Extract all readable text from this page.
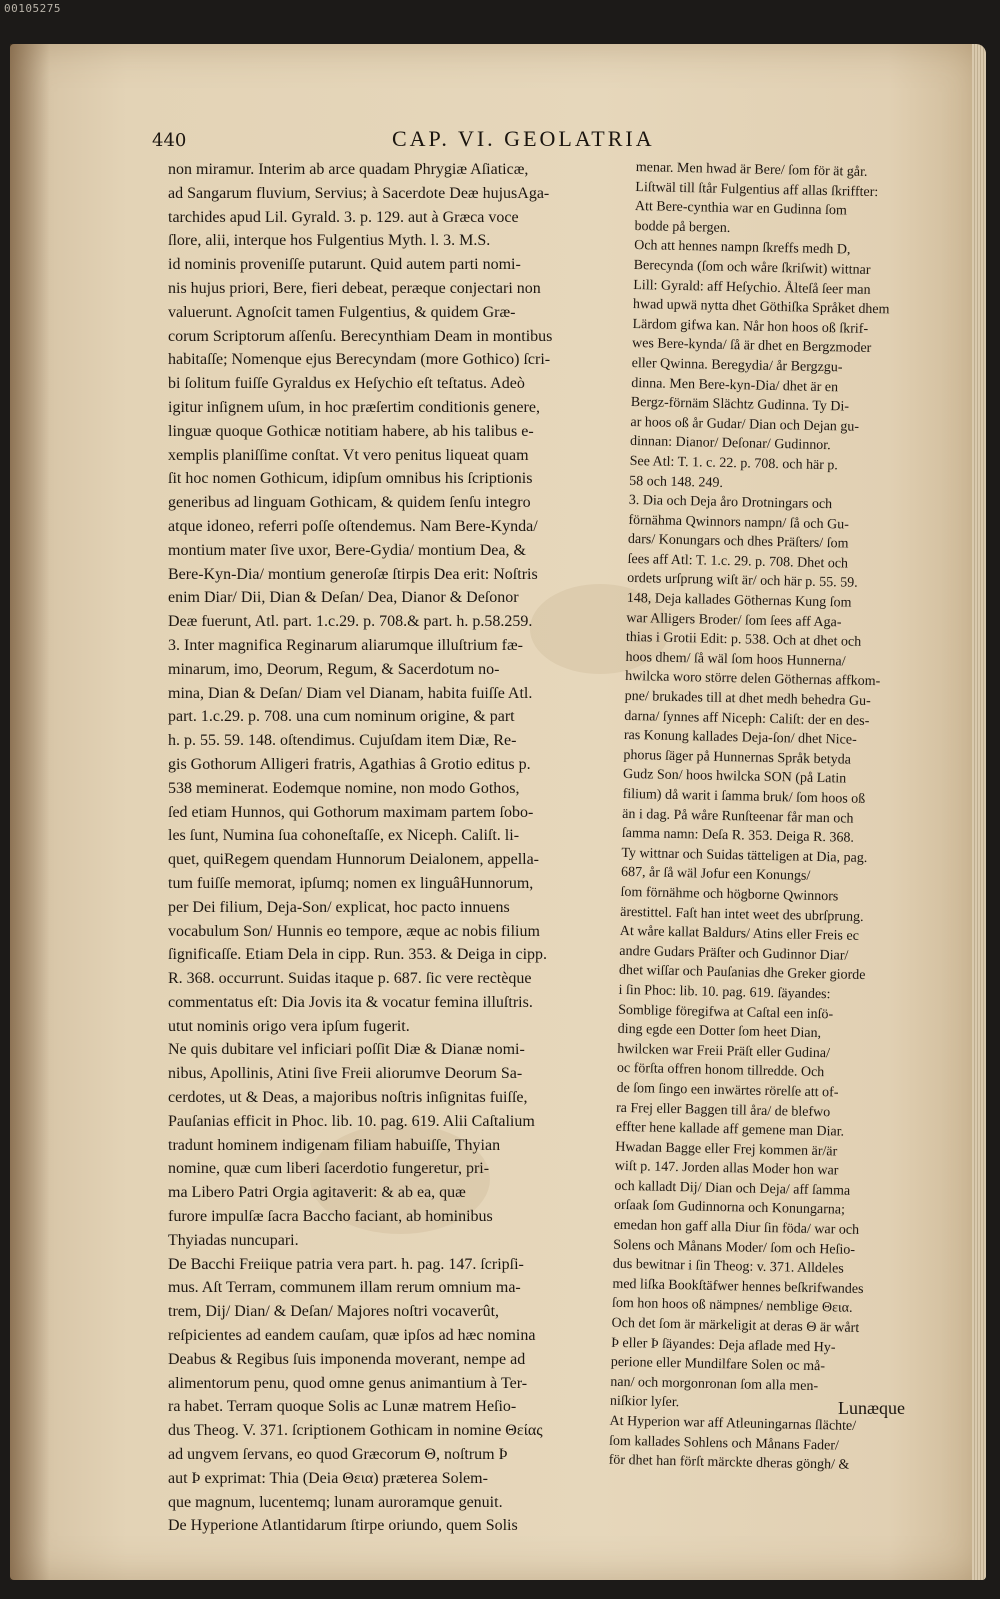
00105275
440	CAP. VI. GEOLATRIA
non miramur. Interim ab arce quadam Phrygiæ Aſiaticæ,
ad Sangarum fluvium, Servius; à Sacerdote Deæ hujusAga-
tarchides apud Lil. Gyrald. 3. p. 129. aut à Græca voce
ſlore, alii, interque hos Fulgentius Myth. l. 3. M.S.
id nominis proveniſſe putarunt. Quid autem parti nomi-
nis hujus priori, Bere, fieri debeat, peræque conjectari non
valuerunt. Agnoſcit tamen Fulgentius, & quidem Græ-
corum Scriptorum aſſenſu. Berecynthiam Deam in montibus
habitaſſe; Nomenque ejus Berecyndam (more Gothico) ſcri-
bi ſolitum fuiſſe Gyraldus ex Heſychio eſt teſtatus. Adeò
igitur inſignem uſum, in hoc præſertim conditionis genere,
linguæ quoque Gothicæ notitiam habere, ab his talibus e-
xemplis planiſſime conſtat. Vt vero penitus liqueat quam
ſit hoc nomen Gothicum, idipſum omnibus his ſcriptionis
generibus ad linguam Gothicam, & quidem ſenſu integro
atque idoneo, referri poſſe oſtendemus. Nam Bere-Kynda/
montium mater ſive uxor, Bere-Gydia/ montium Dea, &
Bere-Kyn-Dia/ montium generoſæ ſtirpis Dea erit: Noſtris
enim Diar/ Dii, Dian & Deſan/ Dea, Dianor & Deſonor
Deæ fuerunt, Atl. part. 1.c.29. p. 708.& part. h. p.58.259.
3. Inter magnifica Reginarum aliarumque illuſtrium fæ-
minarum, imo, Deorum, Regum, & Sacerdotum no-
mina, Dian & Deſan/ Diam vel Dianam, habita fuiſſe Atl.
part. 1.c.29. p. 708. una cum nominum origine, & part
h. p. 55. 59. 148. oſtendimus. Cujuſdam item Diæ, Re-
gis Gothorum Alligeri fratris, Agathias â Grotio editus p.
538 meminerat. Eodemque nomine, non modo Gothos,
ſed etiam Hunnos, qui Gothorum maximam partem ſobo-
les ſunt, Numina ſua cohoneſtaſſe, ex Niceph. Caliſt. li-
quet, quiRegem quendam Hunnorum Deialonem, appella-
tum fuiſſe memorat, ipſumq; nomen ex linguâHunnorum,
per Dei filium, Deja-Son/ explicat, hoc pacto innuens
vocabulum Son/ Hunnis eo tempore, æque ac nobis filium
ſignificaſſe. Etiam Dela in cipp. Run. 353. & Deiga in cipp.
R. 368. occurrunt. Suidas itaque p. 687. ſic vere rectèque
commentatus eſt: Dia Jovis ita & vocatur femina illuſtris.
utut nominis origo vera ipſum fugerit.
Ne quis dubitare vel inficiari poſſit Diæ & Dianæ nomi-
nibus, Apollinis, Atini ſive Freii aliorumve Deorum Sa-
cerdotes, ut & Deas, a majoribus noſtris inſignitas fuiſſe,
Pauſanias efficit in Phoc. lib. 10. pag. 619. Alii Caſtalium
tradunt hominem indigenam filiam habuiſſe, Thyian
nomine, quæ cum liberi ſacerdotio fungeretur, pri-
ma Libero Patri Orgia agitaverit: & ab ea, quæ
furore impulſæ ſacra Baccho faciant, ab hominibus
Thyiadas nuncupari.
De Bacchi Freiique patria vera part. h. pag. 147. ſcripſi-
mus. Aſt Terram, communem illam rerum omnium ma-
trem, Dij/ Dian/ & Deſan/ Majores noſtri vocaverût,
reſpicientes ad eandem cauſam, quæ ipſos ad hæc nomina
Deabus & Regibus ſuis imponenda moverant, nempe ad
alimentorum penu, quod omne genus animantium à Ter-
ra habet. Terram quoque Solis ac Lunæ matrem Heſio-
dus Theog. V. 371. ſcriptionem Gothicam in nomine Θείας
ad ungvem ſervans, eo quod Græcorum Θ, noſtrum Þ
aut Þ exprimat: Thia (Deia Θεια) præterea Solem-
que magnum, lucentemq; lunam auroramque genuit.
De Hyperione Atlantidarum ſtirpe oriundo, quem Solis
menar. Men hwad är Bere/ ſom för ät går.
Liſtwäl till ſtår Fulgentius aff allas ſkriffter:
Att Bere-cynthia war en Gudinna ſom
bodde på bergen.
Och att hennes nampn ſkreffs medh D,
Berecynda (ſom och wåre ſkriſwit) wittnar
Lill: Gyrald: aff Heſychio. Ålteſå ſeer man
hwad upwä nytta dhet Göthiſka Språket dhem
Lärdom gifwa kan. Når hon hoos oß ſkrif-
wes Bere-kynda/ ſå är dhet en Bergzmoder
eller Qwinna. Beregydia/ år Bergzgu-
dinna. Men Bere-kyn-Dia/ dhet är en
Bergz-förnäm Slächtz Gudinna. Ty Di-
ar hoos oß år Gudar/ Dian och Dejan gu-
dinnan: Dianor/ Deſonar/ Gudinnor.
See Atl: T. 1. c. 22. p. 708. och här p.
58 och 148. 249.
3. Dia och Deja åro Drotningars och
förnähma Qwinnors nampn/ ſå och Gu-
dars/ Konungars och dhes Präſters/ ſom
ſees aff Atl: T. 1.c. 29. p. 708. Dhet och
ordets urſprung wiſt är/ och här p. 55. 59.
148, Deja kallades Göthernas Kung ſom
war Alligers Broder/ ſom ſees aff Aga-
thias i Grotii Edit: p. 538. Och at dhet och
hoos dhem/ ſå wäl ſom hoos Hunnerna/
hwilcka woro större delen Göthernas affkom-
pne/ brukades till at dhet medh behedra Gu-
darna/ ſynnes aff Niceph: Caliſt: der en des-
ras Konung kallades Deja-ſon/ dhet Nice-
phorus ſäger på Hunnernas Språk betyda
Gudz Son/ hoos hwilcka SON (på Latin
filium) då warit i ſamma bruk/ ſom hoos oß
än i dag. På wåre Runſteenar får man och
ſamma namn: Deſa R. 353. Deiga R. 368.
Ty wittnar och Suidas tätteligen at Dia, pag.
687, år ſå wäl Jofur een Konungs/
ſom förnähme och högborne Qwinnors
ärestittel. Faſt han intet weet des ubrſprung.
At wåre kallat Baldurs/ Atins eller Freis ec
andre Gudars Präſter och Gudinnor Diar/
dhet wiſſar och Pauſanias dhe Greker giorde
i ſin Phoc: lib. 10. pag. 619. ſäyandes:
Somblige föregifwa at Caſtal een inſö-
ding egde een Dotter ſom heet Dian,
hwilcken war Freii Präſt eller Gudina/
oc förſta offren honom tillredde. Och
de ſom ſingo een inwärtes rörelſe att of-
ra Frej eller Baggen till åra/ de blefwo
effter hene kallade aff gemene man Diar.
Hwadan Bagge eller Frej kommen är/är
wiſt p. 147. Jorden allas Moder hon war
och kalladt Dij/ Dian och Deja/ aff ſamma
orſaak ſom Gudinnorna och Konungarna;
emedan hon gaff alla Diur ſin föda/ war och
Solens och Månans Moder/ ſom och Heſio-
dus bewitnar i ſin Theog: v. 371. Alldeles
med liſka Bookſtäfwer hennes beſkrifwandes
ſom hon hoos oß nämpnes/ nemblige Θεια.
Och det ſom är märkeligit at deras Θ är wårt
Þ eller Þ ſäyandes: Deja aflade med Hy-
perione eller Mundilfare Solen oc må-
nan/ och morgonronan ſom alla men-
niſkior lyſer.
At Hyperion war aff Atleuningarnas ſlächte/
ſom kallades Sohlens och Månans Fader/
för dhet han förſt märckte dheras göngh/ &
Lunæque
